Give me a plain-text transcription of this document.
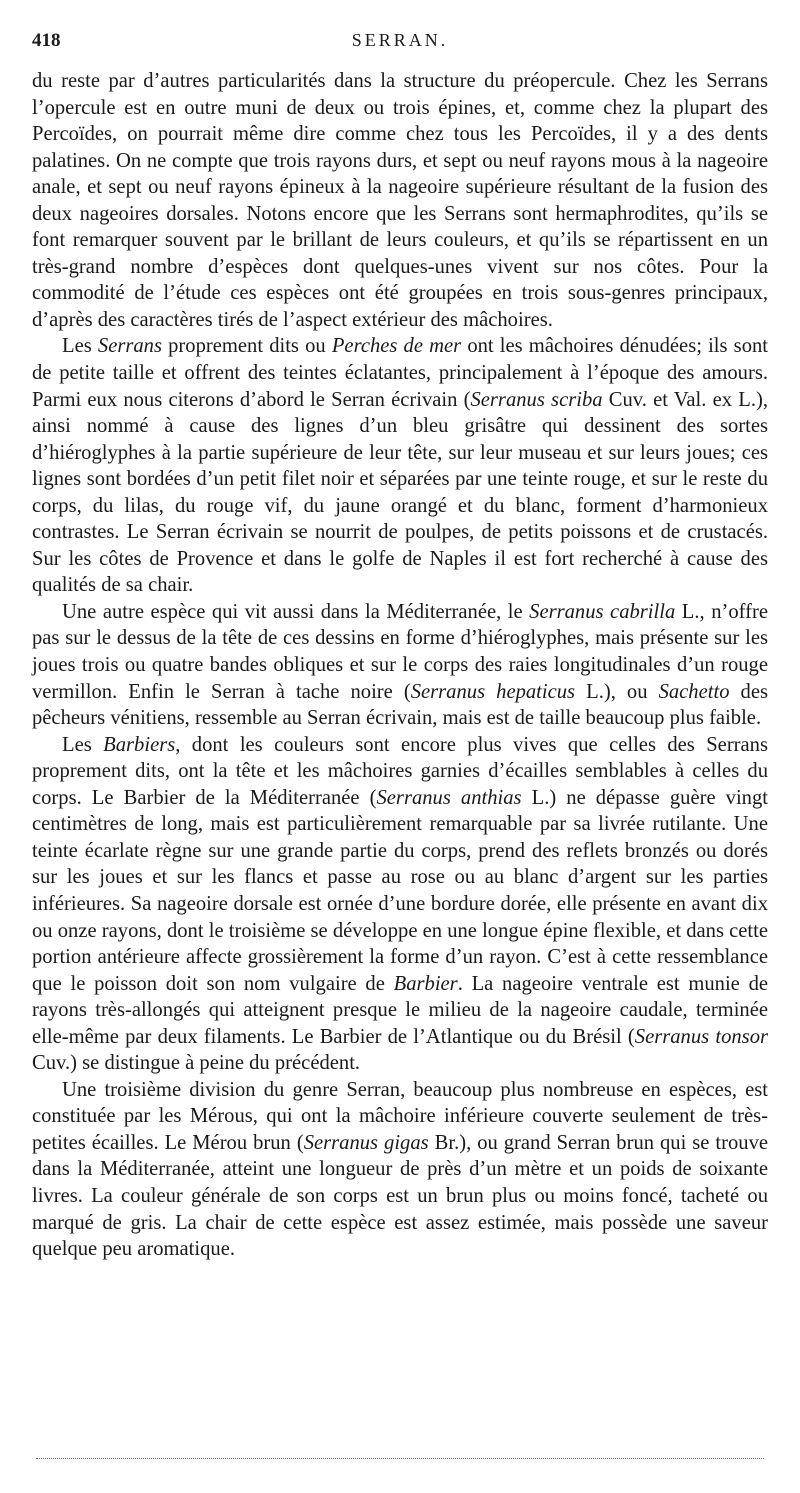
418	SERRAN.

du reste par d’autres particularités dans la structure du préopercule. Chez les Serrans l’opercule est en outre muni de deux ou trois épines, et, comme chez la plupart des Percoïdes, on pourrait même dire comme chez tous les Percoïdes, il y a des dents palatines. On ne compte que trois rayons durs, et sept ou neuf rayons mous à la nageoire anale, et sept ou neuf rayons épineux à la nageoire supérieure résultant de la fusion des deux nageoires dorsales. Notons encore que les Serrans sont hermaphrodites, qu’ils se font remarquer souvent par le brillant de leurs couleurs, et qu’ils se répartissent en un très-grand nombre d’espèces dont quelques-unes vivent sur nos côtes. Pour la commodité de l’étude ces espèces ont été groupées en trois sous-genres principaux, d’après des caractères tirés de l’aspect extérieur des mâchoires.

Les Serrans proprement dits ou Perches de mer ont les mâchoires dénudées; ils sont de petite taille et offrent des teintes éclatantes, principalement à l’époque des amours. Parmi eux nous citerons d’abord le Serran écrivain (Serranus scriba Cuv. et Val. ex L.), ainsi nommé à cause des lignes d’un bleu grisâtre qui dessinent des sortes d’hiéroglyphes à la partie supérieure de leur tête, sur leur museau et sur leurs joues; ces lignes sont bordées d’un petit filet noir et séparées par une teinte rouge, et sur le reste du corps, du lilas, du rouge vif, du jaune orangé et du blanc, forment d’harmonieux contrastes. Le Serran écrivain se nourrit de poulpes, de petits poissons et de crustacés. Sur les côtes de Provence et dans le golfe de Naples il est fort recherché à cause des qualités de sa chair.

Une autre espèce qui vit aussi dans la Méditerranée, le Serranus cabrilla L., n’offre pas sur le dessus de la tête de ces dessins en forme d’hiéroglyphes, mais présente sur les joues trois ou quatre bandes obliques et sur le corps des raies longitudinales d’un rouge vermillon. Enfin le Serran à tache noire (Serranus hepaticus L.), ou Sachetto des pêcheurs vénitiens, ressemble au Serran écrivain, mais est de taille beaucoup plus faible.

Les Barbiers, dont les couleurs sont encore plus vives que celles des Serrans proprement dits, ont la tête et les mâchoires garnies d’écailles semblables à celles du corps. Le Barbier de la Méditerranée (Serranus anthias L.) ne dépasse guère vingt centimètres de long, mais est particulièrement remarquable par sa livrée rutilante. Une teinte écarlate règne sur une grande partie du corps, prend des reflets bronzés ou dorés sur les joues et sur les flancs et passe au rose ou au blanc d’argent sur les parties inférieures. Sa nageoire dorsale est ornée d’une bordure dorée, elle présente en avant dix ou onze rayons, dont le troisième se développe en une longue épine flexible, et dans cette portion antérieure affecte grossièrement la forme d’un rayon. C’est à cette ressemblance que le poisson doit son nom vulgaire de Barbier. La nageoire ventrale est munie de rayons très-allongés qui atteignent presque le milieu de la nageoire caudale, terminée elle-même par deux filaments. Le Barbier de l’Atlantique ou du Brésil (Serranus tonsor Cuv.) se distingue à peine du précédent.

Une troisième division du genre Serran, beaucoup plus nombreuse en espèces, est constituée par les Mérous, qui ont la mâchoire inférieure couverte seulement de très-petites écailles. Le Mérou brun (Serranus gigas Br.), ou grand Serran brun qui se trouve dans la Méditerranée, atteint une longueur de près d’un mètre et un poids de soixante livres. La couleur générale de son corps est un brun plus ou moins foncé, tacheté ou marqué de gris. La chair de cette espèce est assez estimée, mais possède une saveur quelque peu aromatique.
